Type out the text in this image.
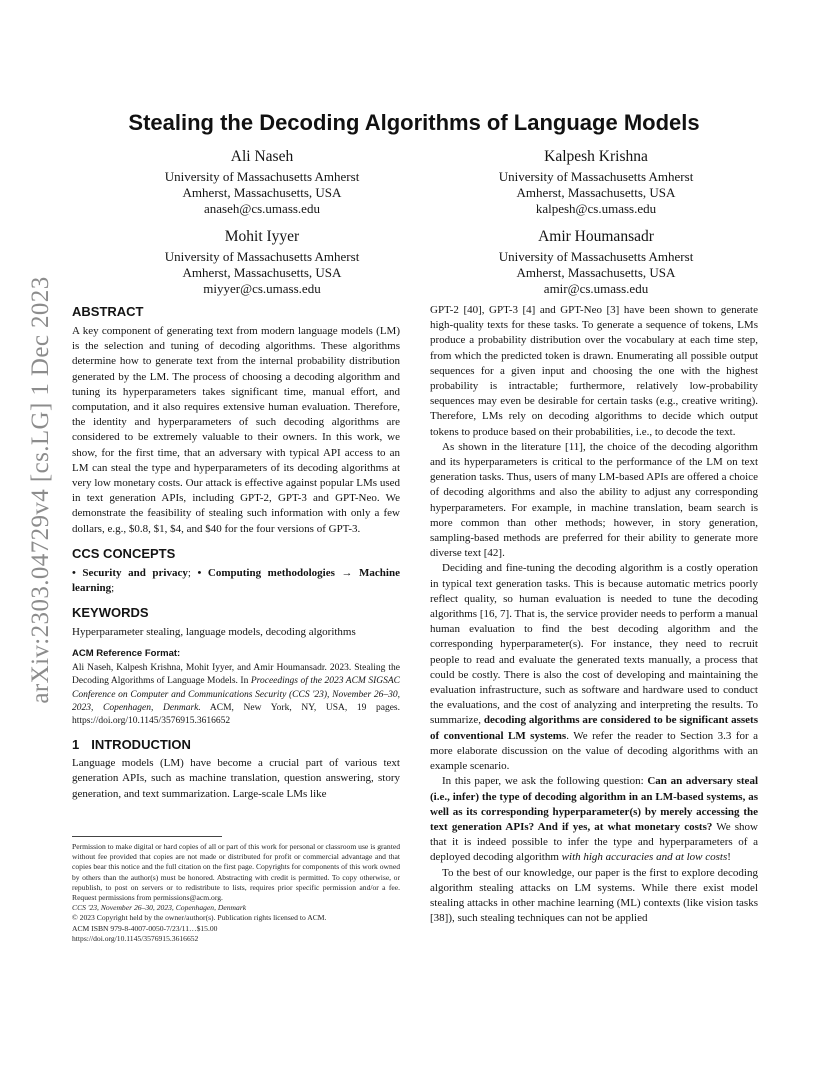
arXiv:2303.04729v4 [cs.LG] 1 Dec 2023
Stealing the Decoding Algorithms of Language Models
Ali Naseh
University of Massachusetts Amherst
Amherst, Massachusetts, USA
anaseh@cs.umass.edu
Kalpesh Krishna
University of Massachusetts Amherst
Amherst, Massachusetts, USA
kalpesh@cs.umass.edu
Mohit Iyyer
University of Massachusetts Amherst
Amherst, Massachusetts, USA
miyyer@cs.umass.edu
Amir Houmansadr
University of Massachusetts Amherst
Amherst, Massachusetts, USA
amir@cs.umass.edu
ABSTRACT

A key component of generating text from modern language models (LM) is the selection and tuning of decoding algorithms. These algorithms determine how to generate text from the internal probability distribution generated by the LM. The process of choosing a decoding algorithm and tuning its hyperparameters takes significant time, manual effort, and computation, and it also requires extensive human evaluation. Therefore, the identity and hyperparameters of such decoding algorithms are considered to be extremely valuable to their owners. In this work, we show, for the first time, that an adversary with typical API access to an LM can steal the type and hyperparameters of its decoding algorithms at very low monetary costs. Our attack is effective against popular LMs used in text generation APIs, including GPT-2, GPT-3 and GPT-Neo. We demonstrate the feasibility of stealing such information with only a few dollars, e.g., $0.8, $1, $4, and $40 for the four versions of GPT-3.

CCS CONCEPTS

• Security and privacy; • Computing methodologies → Machine learning;

KEYWORDS

Hyperparameter stealing, language models, decoding algorithms

ACM Reference Format:

Ali Naseh, Kalpesh Krishna, Mohit Iyyer, and Amir Houmansadr. 2023. Stealing the Decoding Algorithms of Language Models. In Proceedings of the 2023 ACM SIGSAC Conference on Computer and Communications Security (CCS '23), November 26–30, 2023, Copenhagen, Denmark. ACM, New York, NY, USA, 19 pages. https://doi.org/10.1145/3576915.3616652

1 INTRODUCTION

Language models (LM) have become a crucial part of various text generation APIs, such as machine translation, question answering, story generation, and text summarization. Large-scale LMs like

Permission to make digital or hard copies of all or part of this work for personal or classroom use is granted without fee provided that copies are not made or distributed for profit or commercial advantage and that copies bear this notice and the full citation on the first page. Copyrights for components of this work owned by others than the author(s) must be honored. Abstracting with credit is permitted. To copy otherwise, or republish, to post on servers or to redistribute to lists, requires prior specific permission and/or a fee. Request permissions from permissions@acm.org.

CCS '23, November 26–30, 2023, Copenhagen, Denmark
© 2023 Copyright held by the owner/author(s). Publication rights licensed to ACM.
ACM ISBN 979-8-4007-0050-7/23/11…$15.00
https://doi.org/10.1145/3576915.3616652

GPT-2 [40], GPT-3 [4] and GPT-Neo [3] have been shown to generate high-quality texts for these tasks. To generate a sequence of tokens, LMs produce a probability distribution over the vocabulary at each time step, from which the predicted token is drawn. Enumerating all possible output sequences for a given input and choosing the one with the highest probability is intractable; furthermore, relatively low-probability sequences may even be desirable for certain tasks (e.g., creative writing). Therefore, LMs rely on decoding algorithms to decide which output tokens to produce based on their probabilities, i.e., to decode the text.

As shown in the literature [11], the choice of the decoding algorithm and its hyperparameters is critical to the performance of the LM on text generation tasks. Thus, users of many LM-based APIs are offered a choice of decoding algorithms and also the ability to adjust any corresponding hyperparameters. For example, in machine translation, beam search is more common than other methods; however, in story generation, sampling-based methods are preferred for their ability to generate more diverse text [42].

Deciding and fine-tuning the decoding algorithm is a costly operation in typical text generation tasks. This is because automatic metrics poorly reflect quality, so human evaluation is needed to tune the decoding algorithms [16, 7]. That is, the service provider needs to perform a manual human evaluation to find the best decoding algorithm and the corresponding hyperparameter(s). For instance, they need to recruit people to read and evaluate the generated texts manually, a process that could be costly. There is also the cost of developing and maintaining the evaluation infrastructure, such as software and hardware used to conduct the evaluations, and the cost of analyzing and interpreting the results. To summarize, decoding algorithms are considered to be significant assets of conventional LM systems. We refer the reader to Section 3.3 for a more elaborate discussion on the value of decoding algorithms with an example scenario.

In this paper, we ask the following question: Can an adversary steal (i.e., infer) the type of decoding algorithm in an LM-based systems, as well as its corresponding hyperparameter(s) by merely accessing the text generation APIs? And if yes, at what monetary costs? We show that it is indeed possible to infer the type and hyperparameters of a deployed decoding algorithm with high accuracies and at low costs!

To the best of our knowledge, our paper is the first to explore decoding algorithm stealing attacks on LM systems. While there exist model stealing attacks in other machine learning (ML) contexts (like vision tasks [38]), such stealing techniques can not be applied
